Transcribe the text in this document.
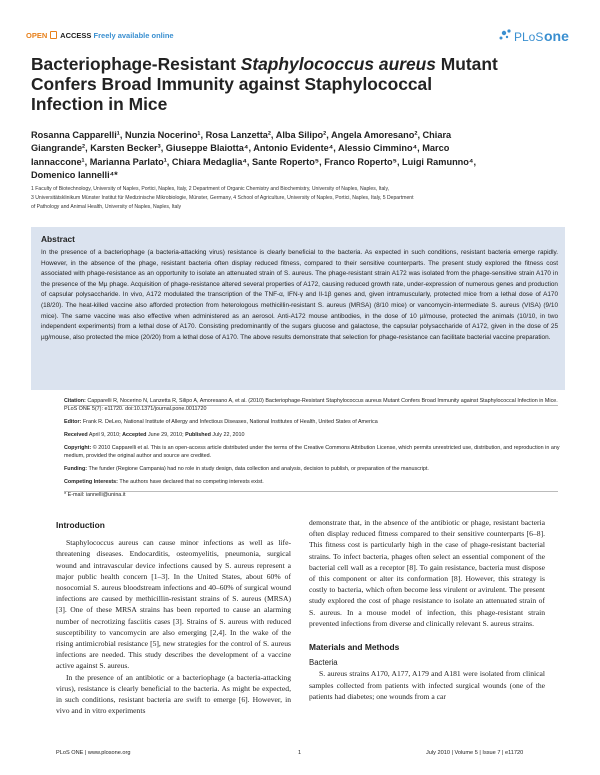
OPEN ACCESS Freely available online	PLoS one
Bacteriophage-Resistant Staphylococcus aureus Mutant
Confers Broad Immunity against Staphylococcal
Infection in Mice
Rosanna Capparelli¹, Nunzia Nocerino¹, Rosa Lanzetta², Alba Silipo², Angela Amoresano², Chiara
Giangrande², Karsten Becker³, Giuseppe Blaiotta⁴, Antonio Evidente⁴, Alessio Cimmino⁴, Marco
Iannaccone¹, Marianna Parlato¹, Chiara Medaglia⁴, Sante Roperto⁵, Franco Roperto⁵, Luigi Ramunno⁴,
Domenico Iannelli⁴*
1 Faculty of Biotechnology, University of Naples, Portici, Naples, Italy, 2 Department of Organic Chemistry and Biochemistry, University of Naples, Naples, Italy,
3 Universitätsklinikum Münster Institut für Medizinische Mikrobiologie, Münster, Germany, 4 School of Agriculture, University of Naples, Portici, Naples, Italy, 5 Department
of Pathology and Animal Health, University of Naples, Naples, Italy
Abstract

In the presence of a bacteriophage (a bacteria-attacking virus) resistance is clearly beneficial to the bacteria. As expected in such conditions, resistant bacteria emerge rapidly. However, in the absence of the phage, resistant bacteria often display reduced fitness, compared to their sensitive counterparts. The present study explored the fitness cost associated with phage-resistance as an opportunity to isolate an attenuated strain of S. aureus. The phage-resistant strain A172 was isolated from the phage-sensitive strain A170 in the presence of the Mµ phage. Acquisition of phage-resistance altered several properties of A172, causing reduced growth rate, under-expression of numerous genes and production of capsular polysaccharide. In vivo, A172 modulated the transcription of the TNF-α, IFN-γ and Il-1β genes and, given intramuscularly, protected mice from a lethal dose of A170 (18/20). The heat-killed vaccine also afforded protection from heterologous methicillin-resistant S. aureus (MRSA) (8/10 mice) or vancomycin-intermediate S. aureus (VISA) (9/10 mice). The same vaccine was also effective when administered as an aerosol. Anti-A172 mouse antibodies, in the dose of 10 µl/mouse, protected the animals (10/10, in two independent experiments) from a lethal dose of A170. Consisting predominantly of the sugars glucose and galactose, the capsular polysaccharide of A172, given in the dose of 25 µg/mouse, also protected the mice (20/20) from a lethal dose of A170. The above results demonstrate that selection for phage-resistance can facilitate bacterial vaccine preparation.

Citation: Capparelli R, Nocerino N, Lanzetta R, Silipo A, Amoresano A, et al. (2010) Bacteriophage-Resistant Staphylococcus aureus Mutant Confers Broad Immunity against Staphylococcal Infection in Mice. PLoS ONE 5(7): e11720. doi:10.1371/journal.pone.0011720
Editor: Frank R. DeLeo, National Institute of Allergy and Infectious Diseases, National Institutes of Health, United States of America
Received April 9, 2010; Accepted June 29, 2010; Published July 22, 2010
Copyright: © 2010 Capparelli et al. This is an open-access article distributed under the terms of the Creative Commons Attribution License, which permits unrestricted use, distribution, and reproduction in any medium, provided the original author and source are credited.
Funding: The funder (Regione Campania) had no role in study design, data collection and analysis, decision to publish, or preparation of the manuscript.
Competing Interests: The authors have declared that no competing interests exist.
* E-mail: iannelli@unina.it
Introduction

Staphylococcus aureus can cause minor infections as well as life-threatening diseases. Endocarditis, osteomyelitis, pneumonia, surgical wound and intravascular device infections caused by S. aureus represent a major public health concern [1–3]. In the United States, about 60% of nosocomial S. aureus bloodstream infections and 40–60% of surgical wound infections are caused by methicillin-resistant strains of S. aureus (MRSA) [3]. One of these MRSA strains has been reported to cause an alarming number of necrotizing fasciitis cases [3]. Strains of S. aureus with reduced susceptibility to vancomycin are also emerging [2,4]. In the wake of the rising antimicrobial resistance [5], new strategies for the control of S. aureus infections are needed. This study describes the development of a vaccine active against S. aureus.

In the presence of an antibiotic or a bacteriophage (a bacteria-attacking virus), resistance is clearly beneficial to the bacteria. As might be expected, in such conditions, resistant bacteria are swift to emerge [6]. However, in vivo and in vitro experiments

demonstrate that, in the absence of the antibiotic or phage, resistant bacteria often display reduced fitness compared to their sensitive counterparts [6–8]. This fitness cost is particularly high in the case of phage-resistant bacterial strains. To infect bacteria, phages often select an essential component of the bacterial cell wall as a receptor [8]. To gain resistance, bacteria must dispose of this component or alter its conformation [8]. However, this strategy is costly to bacteria, which often become less virulent or avirulent. The present study explored the cost of phage resistance to isolate an attenuated strain of S. aureus. In a mouse model of infection, this phage-resistant strain prevented infections from diverse and clinically relevant S. aureus strains.

Materials and Methods
Bacteria

S. aureus strains A170, A177, A179 and A181 were isolated from clinical samples collected from patients with infected surgical wounds (one of the patients had diabetes; one wounds from a car

PLoS ONE | www.plosone.org	1	July 2010 | Volume 5 | Issue 7 | e11720
